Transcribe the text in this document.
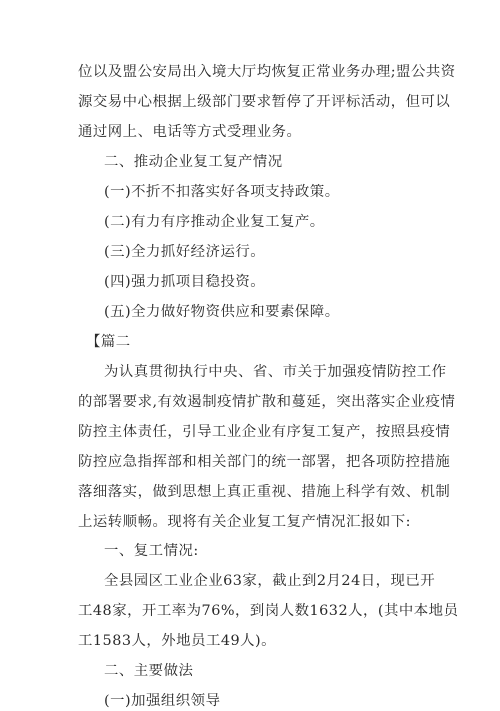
位以及盟公安局出入境大厅均恢复正常业务办理;盟公共资
源交易中心根据上级部门要求暂停了开评标活动，但可以
通过网上、电话等方式受理业务。
二、推动企业复工复产情况
(一)不折不扣落实好各项支持政策。
(二)有力有序推动企业复工复产。
(三)全力抓好经济运行。
(四)强力抓项目稳投资。
(五)全力做好物资供应和要素保障。
【篇二
为认真贯彻执行中央、省、市关于加强疫情防控工作
的部署要求,有效遏制疫情扩散和蔓延，突出落实企业疫情
防控主体责任，引导工业企业有序复工复产，按照县疫情
防控应急指挥部和相关部门的统一部署，把各项防控措施
落细落实，做到思想上真正重视、措施上科学有效、机制
上运转顺畅。现将有关企业复工复产情况汇报如下:
一、复工情况:
全县园区工业企业63家，截止到2月24日，现已开
工48家，开工率为76%，到岗人数1632人，(其中本地员
工1583人，外地员工49人)。
二、主要做法
(一)加强组织领导
